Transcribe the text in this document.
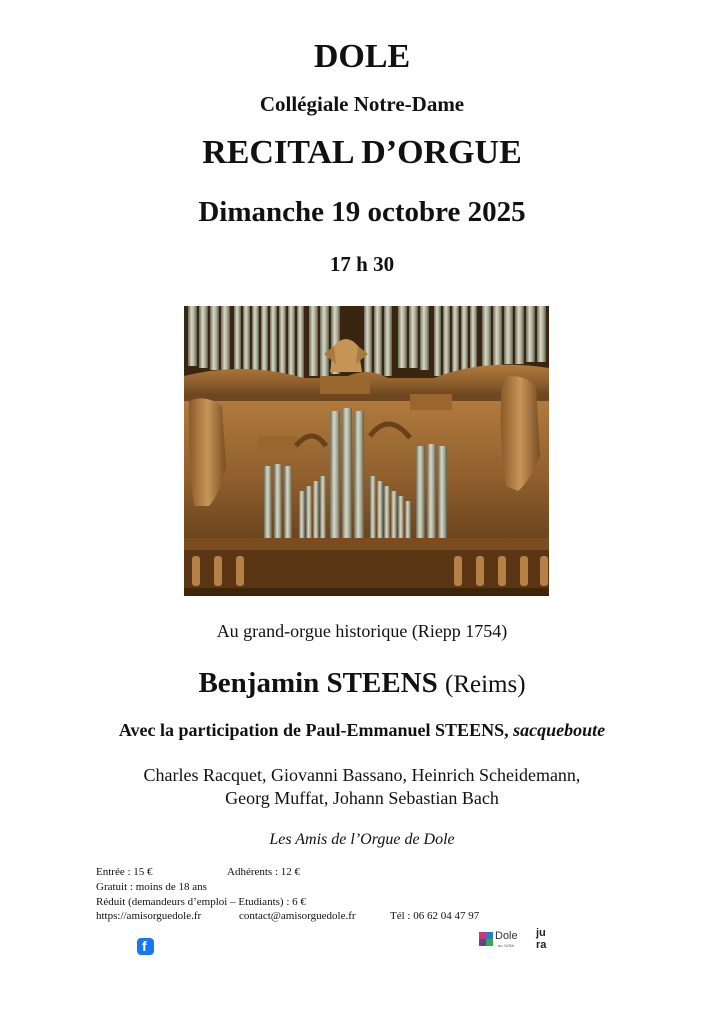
DOLE
Collégiale Notre-Dame
RECITAL D’ORGUE
Dimanche 19 octobre 2025
17 h 30
Au grand-orgue historique (Riepp 1754)
Benjamin STEENS (Reims)
Avec la participation de Paul-Emmanuel STEENS, sacqueboute
Charles Racquet, Giovanni Bassano, Heinrich Scheidemann,
Georg Muffat, Johann Sebastian Bach
Les Amis de l’Orgue de Dole
Entrée : 15 €	Adhérents : 12 €
Gratuit : moins de 18 ans
Réduit (demandeurs d’emploi – Etudiants) : 6 €
https://amisorguedole.fr	contact@amisorguedole.fr	Tél : 06 62 04 47 97
f
Dole
du JURA
ju ra
